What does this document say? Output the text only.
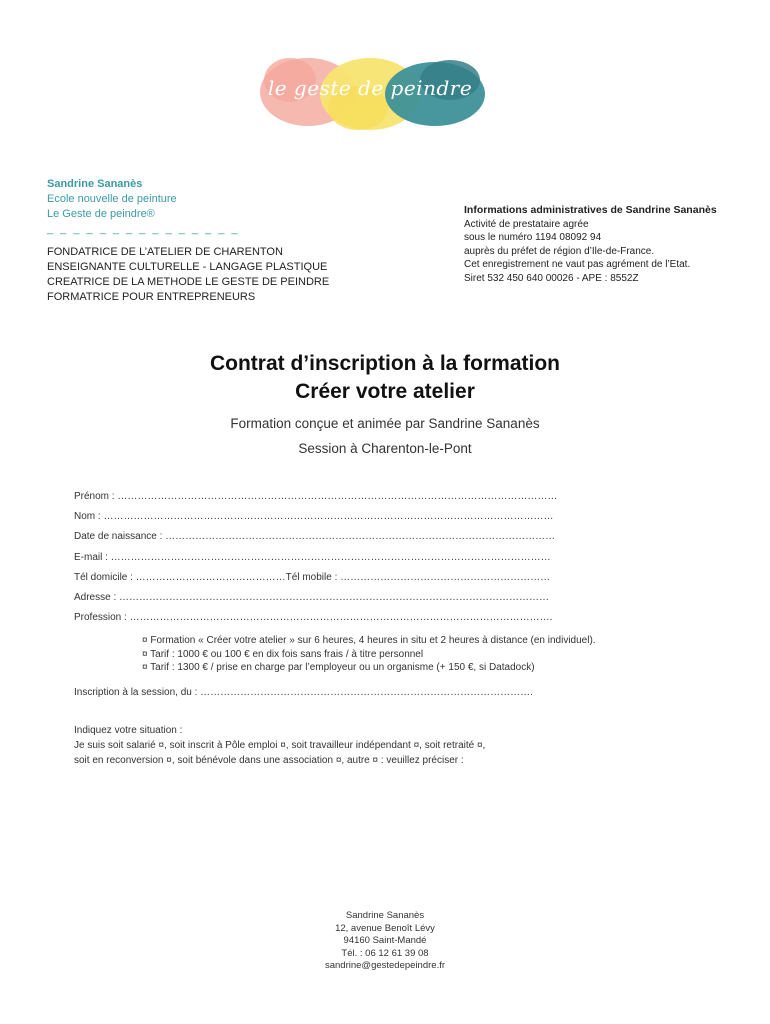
le geste de peindre
Sandrine Sananès
Ecole nouvelle de peinture
Le Geste de peindre®
_ _ _ _ _ _ _ _ _ _ _ _ _ _ _
FONDATRICE DE L’ATELIER DE CHARENTON
ENSEIGNANTE CULTURELLE - LANGAGE PLASTIQUE
CREATRICE DE LA METHODE LE GESTE DE PEINDRE
FORMATRICE POUR ENTREPRENEURS
Informations administratives de Sandrine Sananès
Activité de prestataire agrée
sous le numéro 1194 08092 94
auprès du préfet de région d’Ile-de-France.
Cet enregistrement ne vaut pas agrément de l’Etat.
Siret 532 450 640 00026 - APE : 8552Z
Contrat d’inscription à la formation
Créer votre atelier
Formation conçue et animée par Sandrine Sananès
Session à Charenton-le-Pont
Prénom : ……………………………………………………………………………………………………………………
Nom : ………………………………………………………………………………………………………………………
Date de naissance : ………………………………………………………………………………………………………
E-mail : ……………………………………………………………………………………………………………………
Tél domicile : ………………………………………Tél mobile : ………………………………………………………
Adresse : …………………………………………………………………………………………………………………
Profession : ……………………………………………………………………………………………………………….
¤ Formation « Créer votre atelier » sur 6 heures, 4 heures in situ et 2 heures à distance (en individuel).
¤ Tarif : 1000 € ou 100 € en dix fois sans frais / à titre personnel
¤ Tarif : 1300 € / prise en charge par l’employeur ou un organisme (+ 150 €, si Datadock)
Inscription à la session, du : ……………………………………………………………………………………….
Indiquez votre situation :
Je suis soit salarié ¤, soit inscrit à Pôle emploi ¤, soit travailleur indépendant ¤, soit retraité ¤,
soit en reconversion ¤, soit bénévole dans une association ¤, autre ¤ : veuillez préciser :
Sandrine Sananès
12, avenue Benoît Lévy
94160 Saint-Mandé
Tél. : 06 12 61 39 08
sandrine@gestedepeindre.fr
